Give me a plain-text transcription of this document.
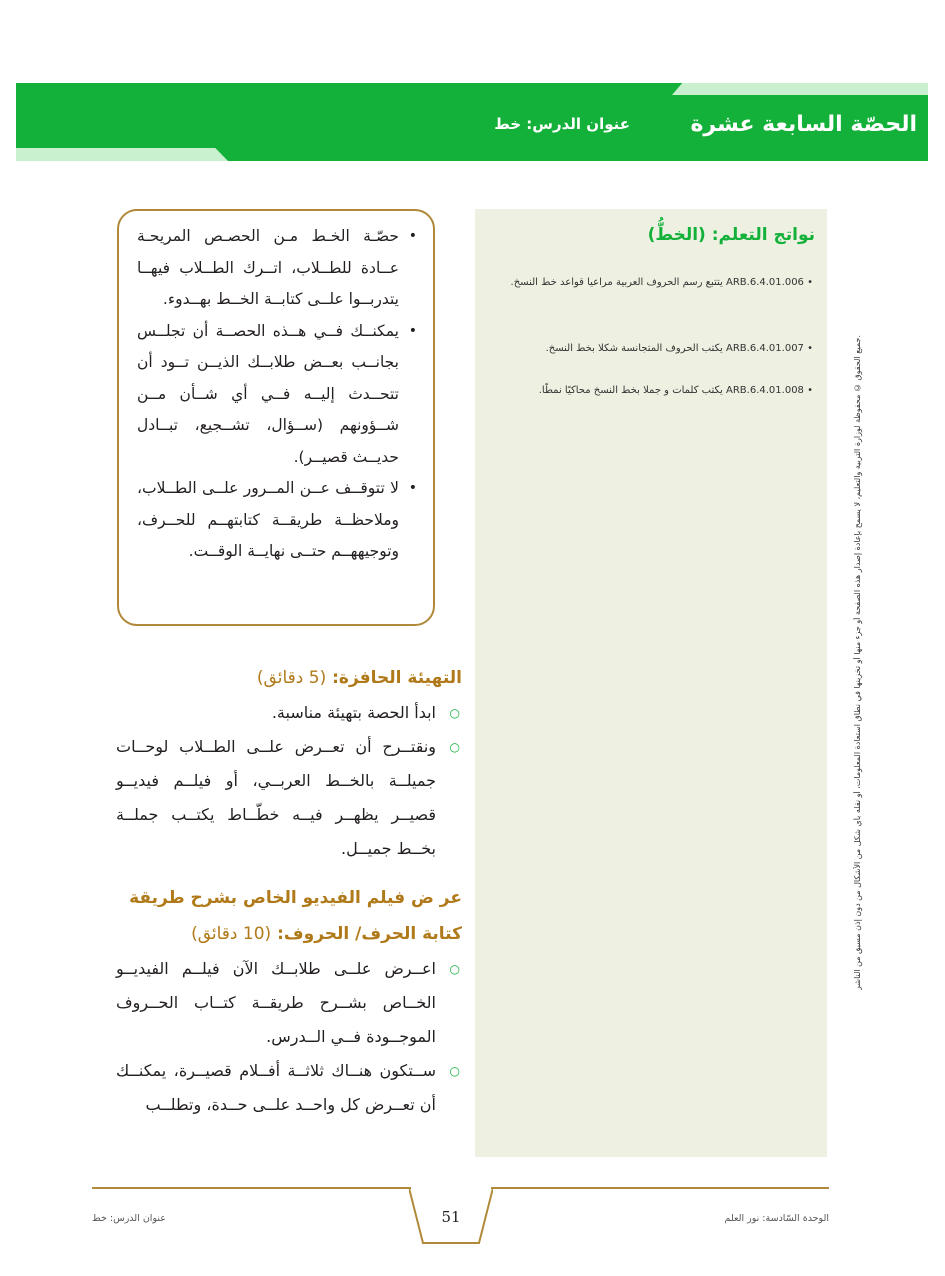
الحصّة السابعة عشرة
عنوان الدرس: خط
نواتج التعلم: (الخطُّ)
• ARB.6.4.01.006 يتتبع رسم الحروف العربية مراعيا قواعد خط النسخ.
• ARB.6.4.01.007 يكتب الحروف المتجانسة شكلا بخط النسخ.
• ARB.6.4.01.008 يكتب كلمات و جملا بخط النسخ محاكيًا نمطًا.	جميع الحقوق © محفوظة لوزارة التربية والتعليم، لا يسمح بإعادة إصدار هذه الصفحة أو جزء منها أو تخزينها في نطاق استعادة المعلومات، أو نقله بأي شكل من الأشكال من دون إذن مسبق من الناشر.
•
حصّـة الخـط مـن الحصـص المريحـة عــادة للطــلاب، اتــرك الطــلاب فيهــا يتدربــوا علــى كتابــة الخــط بهــدوء.
•
يمكنــك فــي هــذه الحصــة أن تجلــس بجانــب بعــض طلابــك الذيــن تــود أن تتحــدث إليــه فــي أي شــأن مــن شــؤونهم (ســؤال، تشــجيع، تبــادل حديــث قصيــر).
•
لا تتوقــف عــن المــرور علــى الطــلاب، وملاحظــة طريقــة كتابتهــم للحــرف، وتوجيههــم حتــى نهايــة الوقــت.

التهيئة الحافزة: (5 دقائق)

○
ابدأ الحصة بتهيئة مناسبة.
○
ونقتــرح أن تعــرض علــى الطــلاب لوحــات جميلــة بالخــط العربــي، أو فيلــم فيديــو قصيــر يظهــر فيــه خطّــاط يكتــب جملــة بخــط جميــل.

عر ض فيلم الفيديو الخاص بشرح طريقة كتابة الحرف/ الحروف: (10 دقائق)

○
اعــرض علــى طلابــك الآن فيلــم الفيديــو الخــاص بشــرح طريقــة كتــاب الحــروف الموجــودة فــي الــدرس.
○
ســتكون هنــاك ثلاثــة أفــلام قصيــرة، يمكنــك أن تعــرض كل واحــد علــى حــدة، وتطلــب
51
عنوان الدرس: خط	الوحدة السّادسة: نور العلم
